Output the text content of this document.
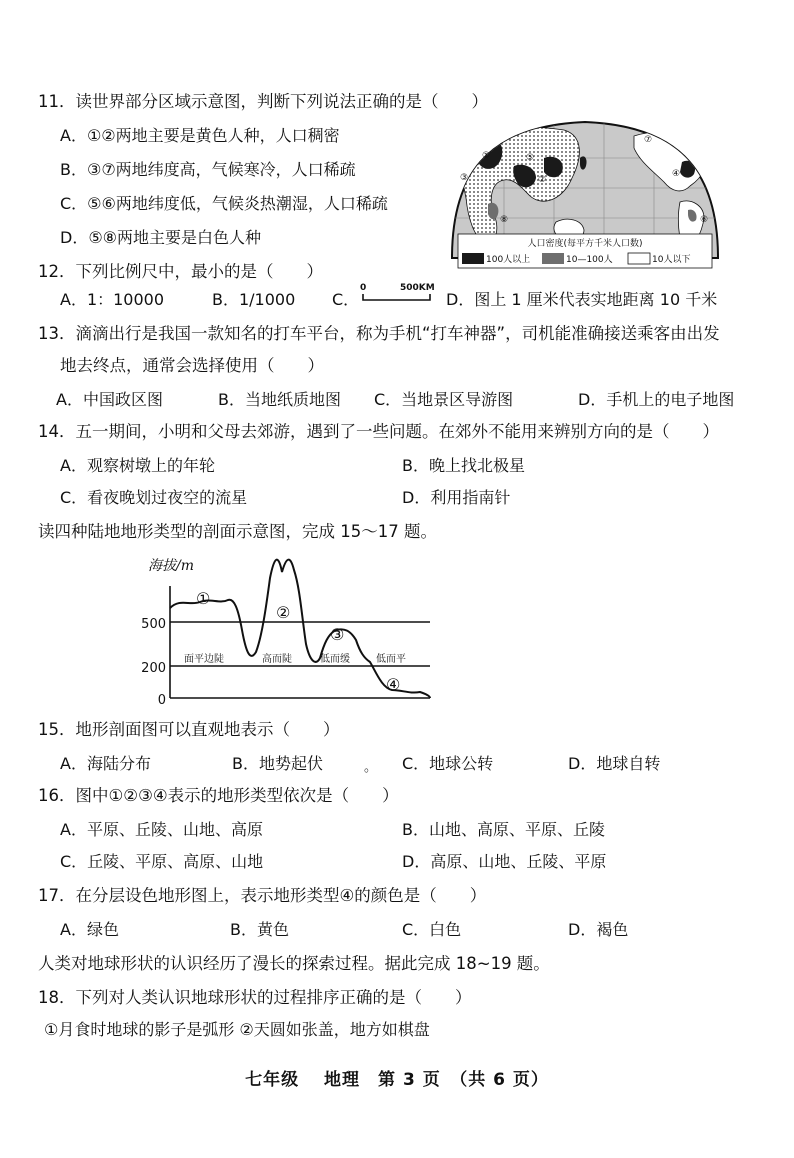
11．读世界部分区域示意图，判断下列说法正确的是（　　）
A．①②两地主要是黄色人种，人口稠密
B．③⑦两地纬度高，气候寒冷，人口稀疏
C．⑤⑥两地纬度低，气候炎热潮湿，人口稀疏
D．⑤⑧两地主要是白色人种
①
②
③	④
⑤
⑥
⑦
⑧
人口密度(每平方千米人口数)
100人以上	10—100人	10人以下
12．下列比例尺中，最小的是（　　）
A．1：10000	B．1/1000 C．
0	500KM
D．图上 1 厘米代表实地距离 10 千米
13．滴滴出行是我国一款知名的打车平台，称为手机“打车神器”，司机能准确接送乘客由出发
地去终点，通常会选择使用（　　）
A．中国政区图	B．当地纸质地图 C．当地景区导游图	D．手机上的电子地图
14．五一期间，小明和父母去郊游，遇到了一些问题。在郊外不能用来辨别方向的是（　　）
A．观察树墩上的年轮	B．晚上找北极星
C．看夜晚划过夜空的流星	D．利用指南针
读四种陆地地形类型的剖面示意图，完成 15～17 题。
海拔/m
500
200
0
①
②
③
④
面平边陡	高而陡	低而缓	低而平
15．地形剖面图可以直观地表示（　　）
A．海陆分布	B．地势起伏	。 C．地球公转	D．地球自转
16．图中①②③④表示的地形类型依次是（　　）
A．平原、丘陵、山地、高原	B．山地、高原、平原、丘陵
C．丘陵、平原、高原、山地	D．高原、山地、丘陵、平原
17．在分层设色地形图上，表示地形类型④的颜色是（　　）
A．绿色	B．黄色	C．白色	D．褐色
人类对地球形状的认识经历了漫长的探索过程。据此完成 18~19 题。
18．下列对人类认识地球形状的过程排序正确的是（　　）
①月食时地球的影子是弧形 ②天圆如张盖，地方如棋盘
七年级　 地理　第 3 页　（共 6 页）
